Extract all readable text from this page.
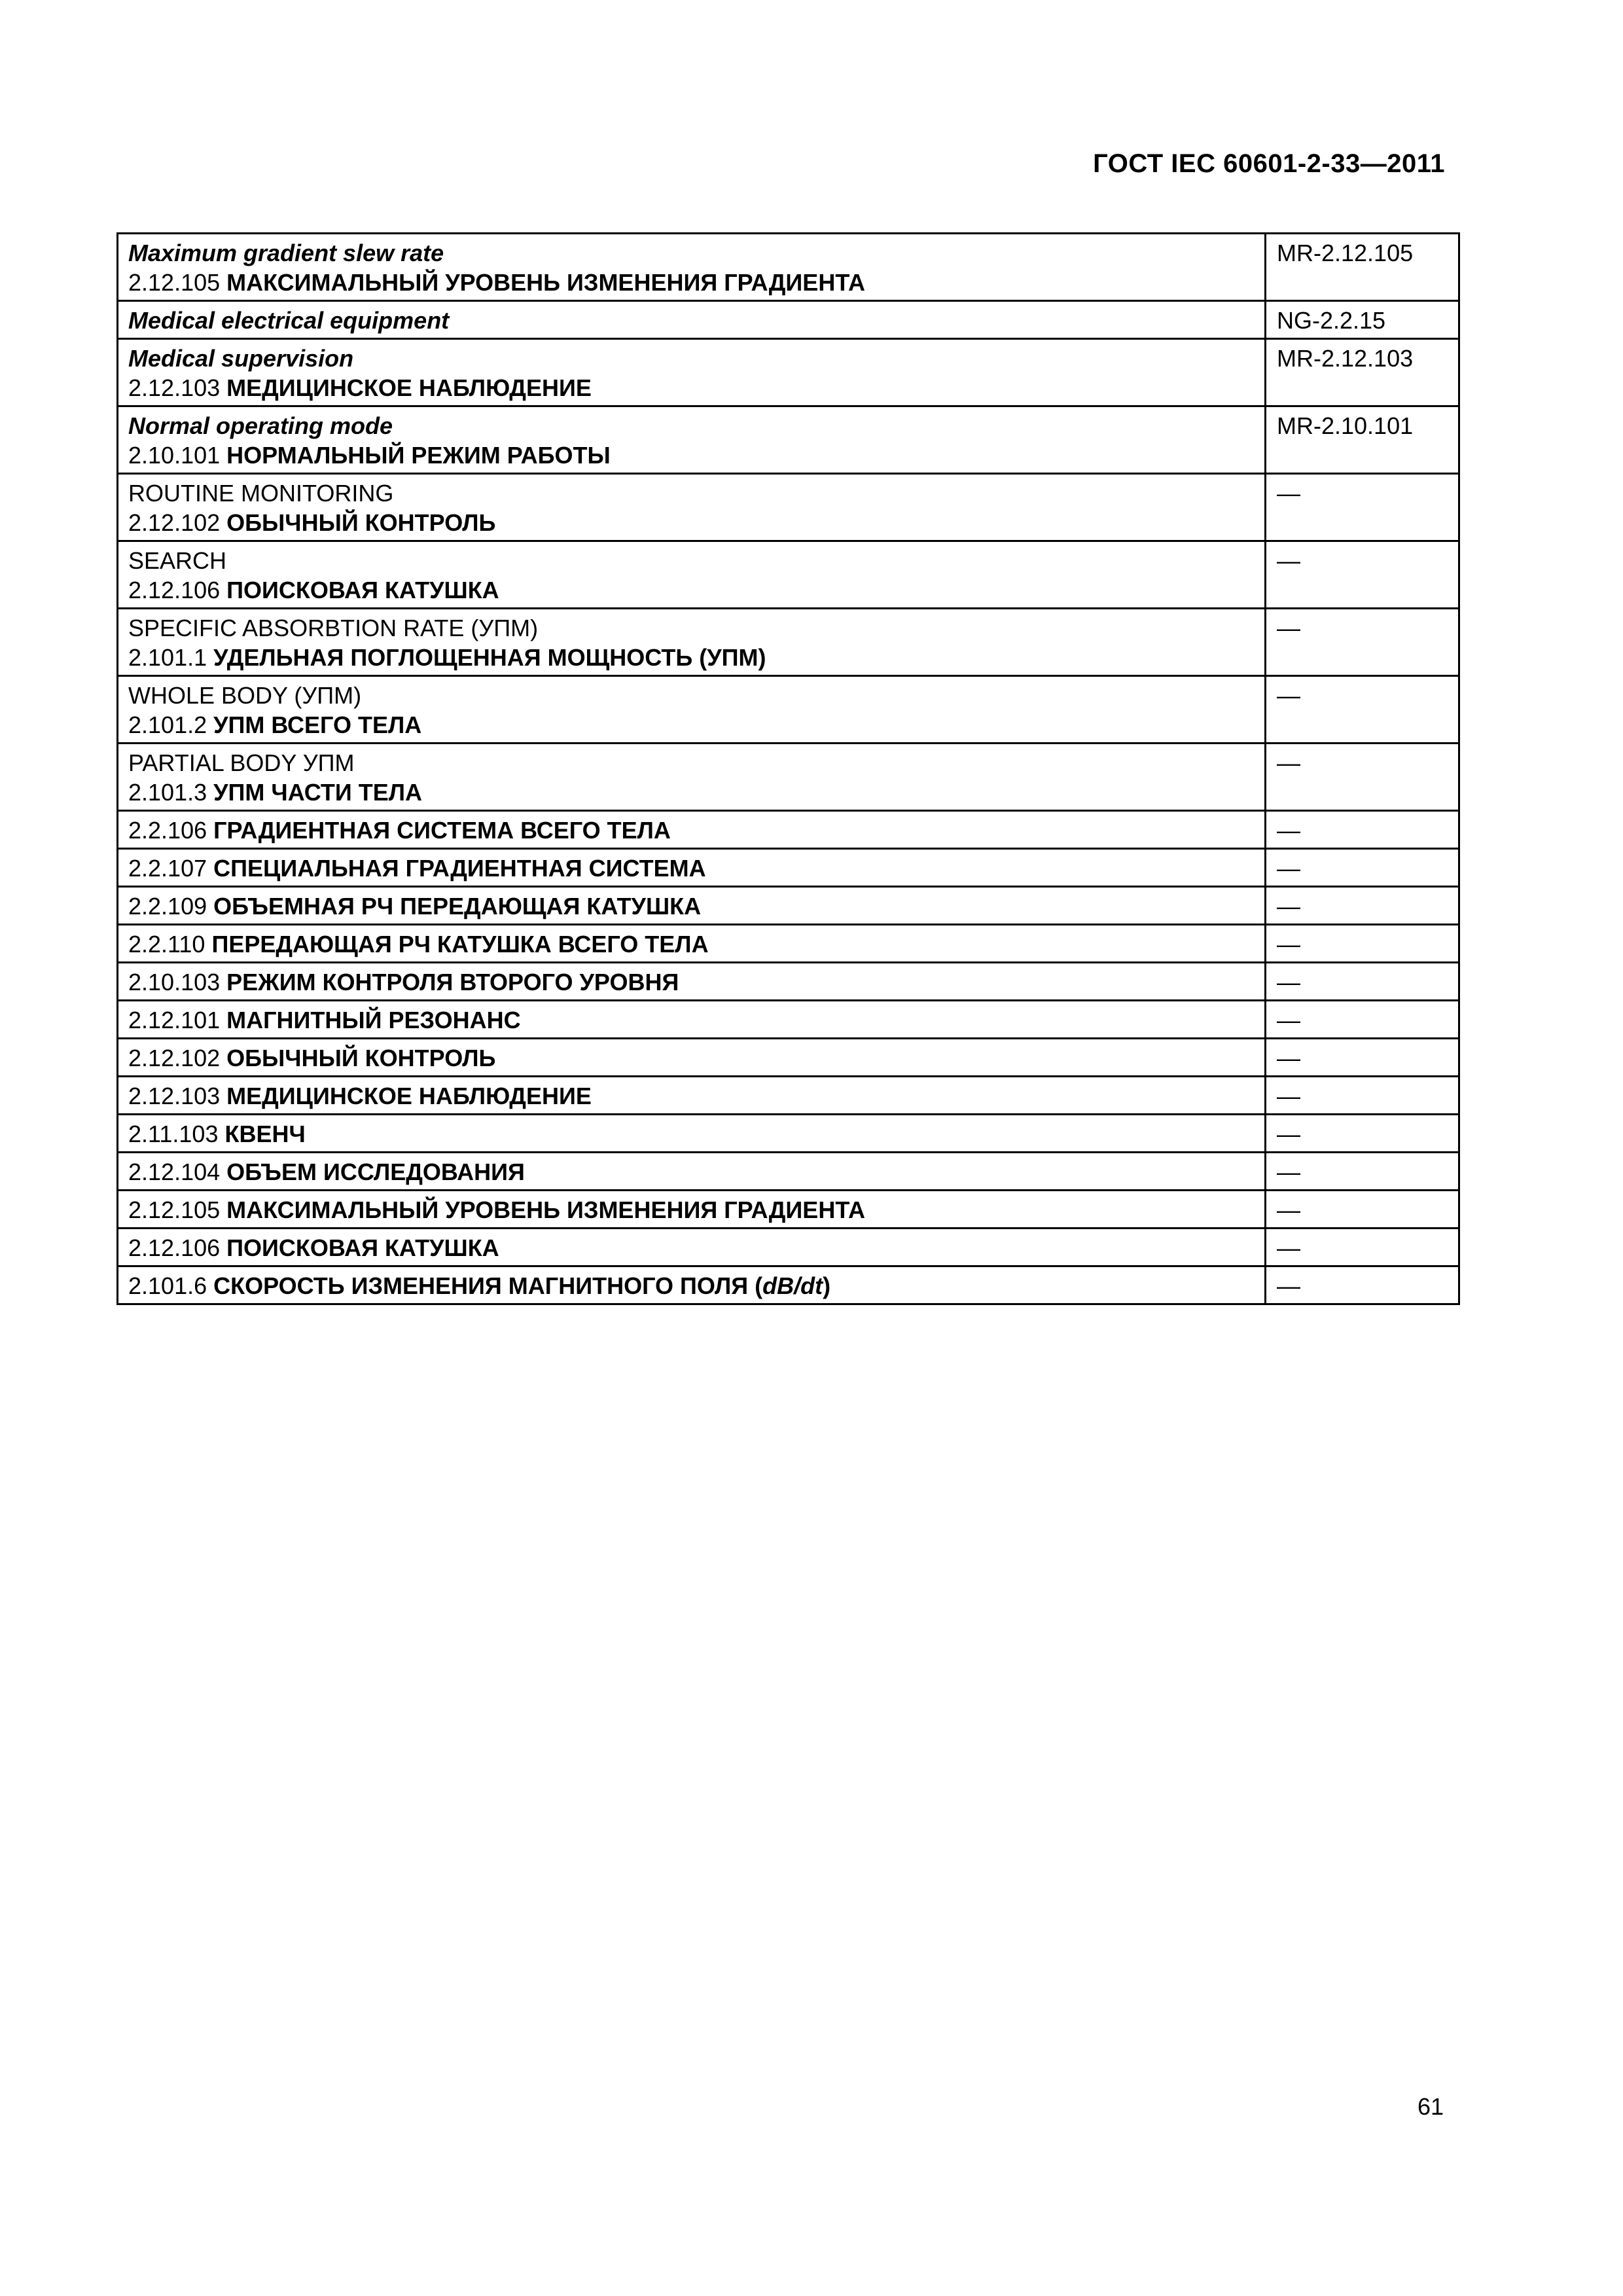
ГОСТ IEC 60601-2-33—2011
Maximum gradient slew rate
2.12.105 МАКСИМАЛЬНЫЙ УРОВЕНЬ ИЗМЕНЕНИЯ ГРАДИЕНТА	MR-2.12.105

Medical electrical equipment	NG-2.2.15

Medical supervision
2.12.103 МЕДИЦИНСКОЕ НАБЛЮДЕНИЕ	MR-2.12.103

Normal operating mode
2.10.101 НОРМАЛЬНЫЙ РЕЖИМ РАБОТЫ	MR-2.10.101

ROUTINE MONITORING
2.12.102 ОБЫЧНЫЙ КОНТРОЛЬ	—

SEARCH
2.12.106 ПОИСКОВАЯ КАТУШКА	—

SPECIFIC ABSORBTION RATE (УПМ)
2.101.1 УДЕЛЬНАЯ ПОГЛОЩЕННАЯ МОЩНОСТЬ (УПМ)	—

WHOLE BODY (УПМ)
2.101.2 УПМ ВСЕГО ТЕЛА	—

PARTIAL BODY УПМ
2.101.3 УПМ ЧАСТИ ТЕЛА	—

2.2.106 ГРАДИЕНТНАЯ СИСТЕМА ВСЕГО ТЕЛА	—

2.2.107 СПЕЦИАЛЬНАЯ ГРАДИЕНТНАЯ СИСТЕМА	—

2.2.109 ОБЪЕМНАЯ РЧ ПЕРЕДАЮЩАЯ КАТУШКА	—

2.2.110 ПЕРЕДАЮЩАЯ РЧ КАТУШКА ВСЕГО ТЕЛА	—

2.10.103 РЕЖИМ КОНТРОЛЯ ВТОРОГО УРОВНЯ	—

2.12.101 МАГНИТНЫЙ РЕЗОНАНС	—

2.12.102 ОБЫЧНЫЙ КОНТРОЛЬ	—

2.12.103 МЕДИЦИНСКОЕ НАБЛЮДЕНИЕ	—

2.11.103 КВЕНЧ	—

2.12.104 ОБЪЕМ ИССЛЕДОВАНИЯ	—

2.12.105 МАКСИМАЛЬНЫЙ УРОВЕНЬ ИЗМЕНЕНИЯ ГРАДИЕНТА	—

2.12.106 ПОИСКОВАЯ КАТУШКА	—

2.101.6 СКОРОСТЬ ИЗМЕНЕНИЯ МАГНИТНОГО ПОЛЯ (dB/dt)	—
61
